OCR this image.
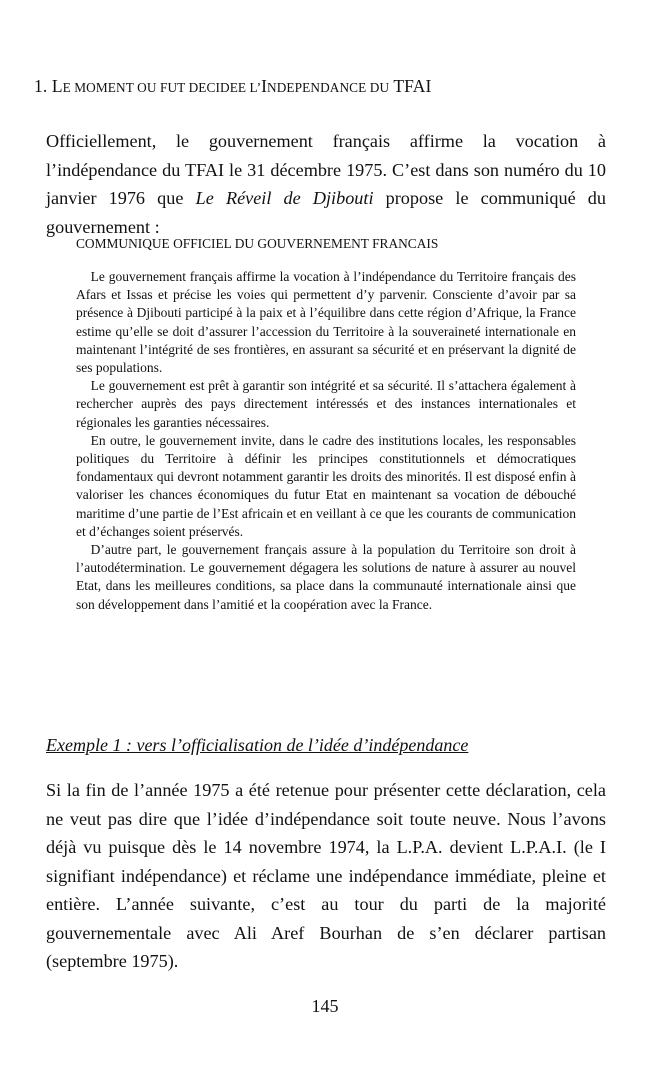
1. LE MOMENT OU FUT DECIDEE L’INDEPENDANCE DU TFAI

Officiellement, le gouvernement français affirme la vocation à l’indépendance du TFAI le 31 décembre 1975. C’est dans son numéro du 10 janvier 1976 que Le Réveil de Djibouti propose le communiqué du gouvernement :

COMMUNIQUE OFFICIEL DU GOUVERNEMENT FRANCAIS

  Le gouvernement français affirme la vocation à l’indépendance du Territoire français des Afars et Issas et précise les voies qui permettent d’y parvenir. Consciente d’avoir par sa présence à Djibouti participé à la paix et à l’équilibre dans cette région d’Afrique, la France estime qu’elle se doit d’assurer l’accession du Territoire à la souveraineté internationale en maintenant l’intégrité de ses frontières, en assurant sa sécurité et en préservant la dignité de ses populations.

  Le gouvernement est prêt à garantir son intégrité et sa sécurité. Il s’attachera également à rechercher auprès des pays directement intéressés et des instances internationales et régionales les garanties nécessaires.

  En outre, le gouvernement invite, dans le cadre des institutions locales, les responsables politiques du Territoire à définir les principes constitutionnels et démocratiques fondamentaux qui devront notamment garantir les droits des minorités. Il est disposé enfin à valoriser les chances économiques du futur Etat en maintenant sa vocation de débouché maritime d’une partie de l’Est africain et en veillant à ce que les courants de communication et d’échanges soient préservés.

  D’autre part, le gouvernement français assure à la population du Territoire son droit à l’autodétermination. Le gouvernement dégagera les solutions de nature à assurer au nouvel Etat, dans les meilleures conditions, sa place dans la communauté internationale ainsi que son développement dans l’amitié et la coopération avec la France.

Exemple 1 : vers l’officialisation de l’idée d’indépendance

Si la fin de l’année 1975 a été retenue pour présenter cette déclaration, cela ne veut pas dire que l’idée d’indépendance soit toute neuve. Nous l’avons déjà vu puisque dès le 14 novembre 1974, la L.P.A. devient L.P.A.I. (le I signifiant indépendance) et réclame une indépendance immédiate, pleine et entière. L’année suivante, c’est au tour du parti de la majorité gouvernementale avec Ali Aref Bourhan de s’en déclarer partisan (septembre 1975).

145
